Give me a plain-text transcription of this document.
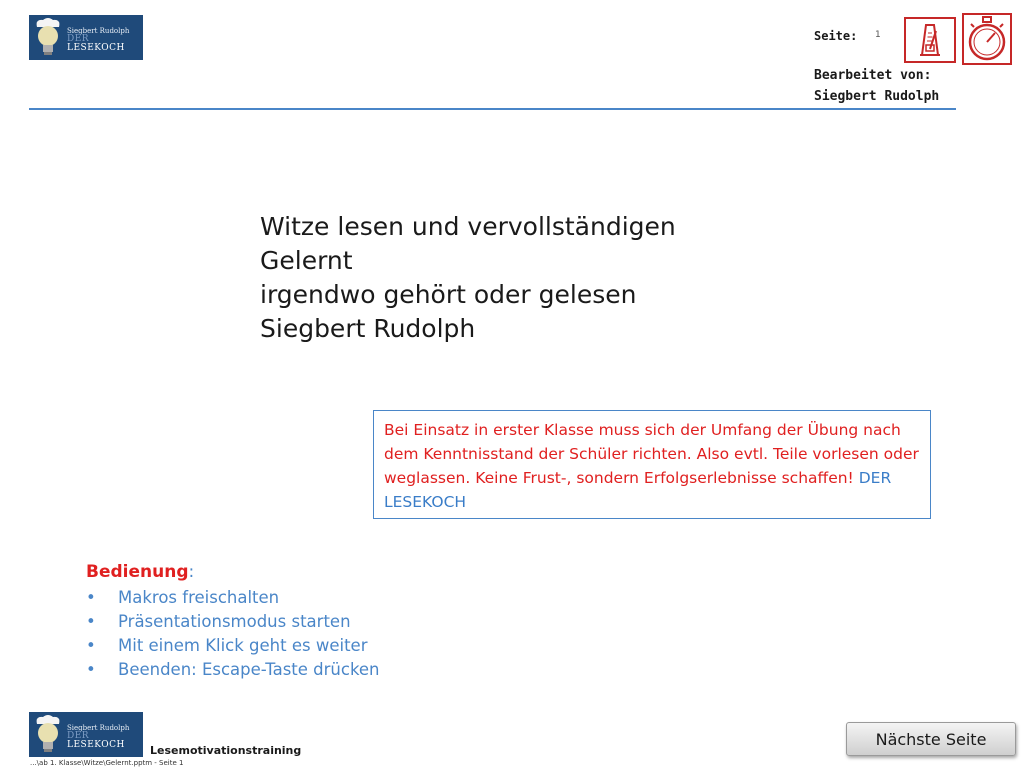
Siegbert Rudolph
DER LESEKOCH
Seite: 1
Bearbeitet von:
Siegbert Rudolph
Witze lesen und vervollständigen
Gelernt
irgendwo gehört oder gelesen
Siegbert Rudolph
Bei Einsatz in erster Klasse muss sich der Umfang der Übung nach dem Kenntnisstand der Schüler richten. Also evtl. Teile vorlesen oder weglassen. Keine Frust-, sondern Erfolgserlebnisse schaffen! DER LESEKOCH
Bedienung:
• Makros freischalten
• Präsentationsmodus starten
• Mit einem Klick geht es weiter
• Beenden: Escape-Taste drücken
Siegbert Rudolph
DER LESEKOCH	Lesemotivationstraining
...\ab 1. Klasse\Witze\Gelernt.pptm - Seite 1
Nächste Seite
